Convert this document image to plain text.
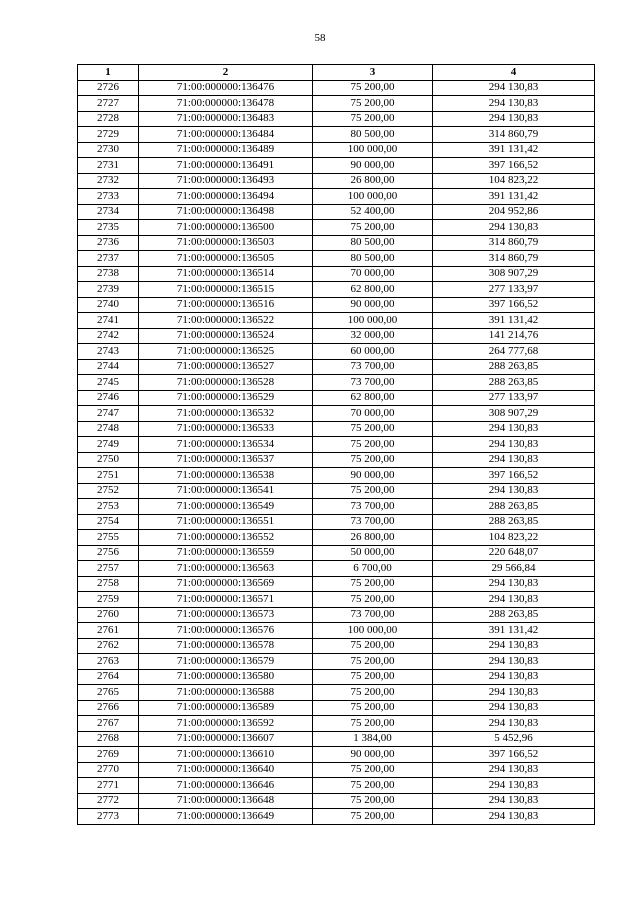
58
1	2	3	4
2726	71:00:000000:136476	75 200,00	294 130,83
2727	71:00:000000:136478	75 200,00	294 130,83
2728	71:00:000000:136483	75 200,00	294 130,83
2729	71:00:000000:136484	80 500,00	314 860,79
2730	71:00:000000:136489	100 000,00	391 131,42
2731	71:00:000000:136491	90 000,00	397 166,52
2732	71:00:000000:136493	26 800,00	104 823,22
2733	71:00:000000:136494	100 000,00	391 131,42
2734	71:00:000000:136498	52 400,00	204 952,86
2735	71:00:000000:136500	75 200,00	294 130,83
2736	71:00:000000:136503	80 500,00	314 860,79
2737	71:00:000000:136505	80 500,00	314 860,79
2738	71:00:000000:136514	70 000,00	308 907,29
2739	71:00:000000:136515	62 800,00	277 133,97
2740	71:00:000000:136516	90 000,00	397 166,52
2741	71:00:000000:136522	100 000,00	391 131,42
2742	71:00:000000:136524	32 000,00	141 214,76
2743	71:00:000000:136525	60 000,00	264 777,68
2744	71:00:000000:136527	73 700,00	288 263,85
2745	71:00:000000:136528	73 700,00	288 263,85
2746	71:00:000000:136529	62 800,00	277 133,97
2747	71:00:000000:136532	70 000,00	308 907,29
2748	71:00:000000:136533	75 200,00	294 130,83
2749	71:00:000000:136534	75 200,00	294 130,83
2750	71:00:000000:136537	75 200,00	294 130,83
2751	71:00:000000:136538	90 000,00	397 166,52
2752	71:00:000000:136541	75 200,00	294 130,83
2753	71:00:000000:136549	73 700,00	288 263,85
2754	71:00:000000:136551	73 700,00	288 263,85
2755	71:00:000000:136552	26 800,00	104 823,22
2756	71:00:000000:136559	50 000,00	220 648,07
2757	71:00:000000:136563	6 700,00	29 566,84
2758	71:00:000000:136569	75 200,00	294 130,83
2759	71:00:000000:136571	75 200,00	294 130,83
2760	71:00:000000:136573	73 700,00	288 263,85
2761	71:00:000000:136576	100 000,00	391 131,42
2762	71:00:000000:136578	75 200,00	294 130,83
2763	71:00:000000:136579	75 200,00	294 130,83
2764	71:00:000000:136580	75 200,00	294 130,83
2765	71:00:000000:136588	75 200,00	294 130,83
2766	71:00:000000:136589	75 200,00	294 130,83
2767	71:00:000000:136592	75 200,00	294 130,83
2768	71:00:000000:136607	1 384,00	5 452,96
2769	71:00:000000:136610	90 000,00	397 166,52
2770	71:00:000000:136640	75 200,00	294 130,83
2771	71:00:000000:136646	75 200,00	294 130,83
2772	71:00:000000:136648	75 200,00	294 130,83
2773	71:00:000000:136649	75 200,00	294 130,83
